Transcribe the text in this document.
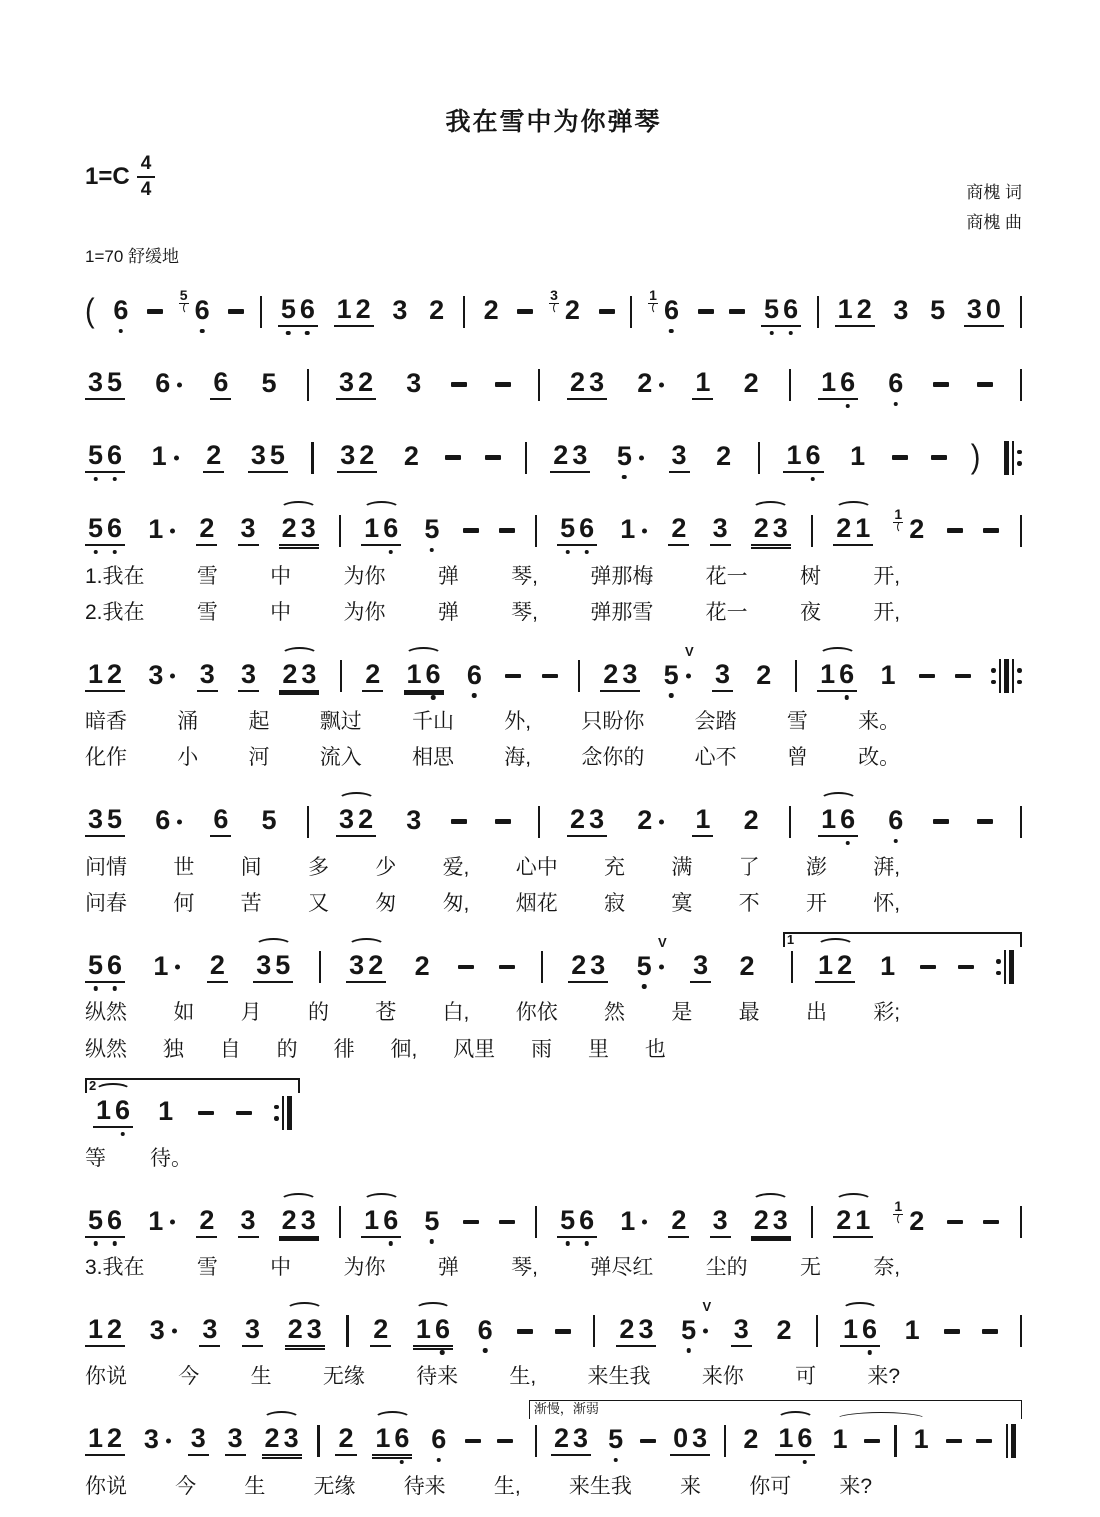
我在雪中为你弹琴
$1=C \frac{4}{4}$	商槐 词
商槐 曲
1=70 舒缓地
( 6	5 6	5 6 1 2 3 2 2	3 2	1 6	5 6 1 2 3 5 3 0
3 5 6 6 5 3 2 3	2 3 2 1 2 1 6 6
5 6 1 2 3 5 3 2 2	2 3 5 3 2 1 6 1	)
5 6 1 2 3 2 3 1 6 5	5 6 1 2 3 2 3 2 1 1 2
1.我在 雪 中 为你 弹 琴, 弹那梅 花一 树 开,
2.我在 雪 中 为你 弹 琴, 弹那雪 花一 夜 开,
1 2 3 3 3 2 3 2 1 6 6	2 3 5
V
3 2 1 6 1
暗香 涌 起 飘过 千山 外, 只盼你 会踏 雪 来。
化作 小 河 流入 相思 海, 念你的 心不 曾 改。
3 5 6 6 5 3 2 3	2 3 2 1 2 1 6 6
问情 世 间 多 少 爱, 心中 充 满 了 澎 湃,
问春 何 苦 又 匆 匆, 烟花 寂 寞 不 开 怀,
5 6 1 2 3 5 3 2 2	2 3 5
V
3 2
1
1 2 1
纵然 如 月 的 苍 白, 你依 然 是 最 出 彩;
纵然 独 自 的 徘 徊, 风里 雨 里 也
2
1 6 1
等 待。
5 6 1 2 3 2 3 1 6 5	5 6 1 2 3 2 3 2 1 1 2
3.我在 雪 中 为你 弹 琴, 弹尽红 尘的 无 奈,
1 2 3 3 3 2 3 2 1 6 6	2 3 5
V
3 2 1 6 1
你说 今 生 无缘 待来 生, 来生我 来你 可 来?
1 2 3 3 3 2 3 2 1 6 6
渐慢，渐弱
2 3 5 0 3 2 1 6 1 1
你说 今 生 无缘 待来 生, 来生我 来 你可 来?
